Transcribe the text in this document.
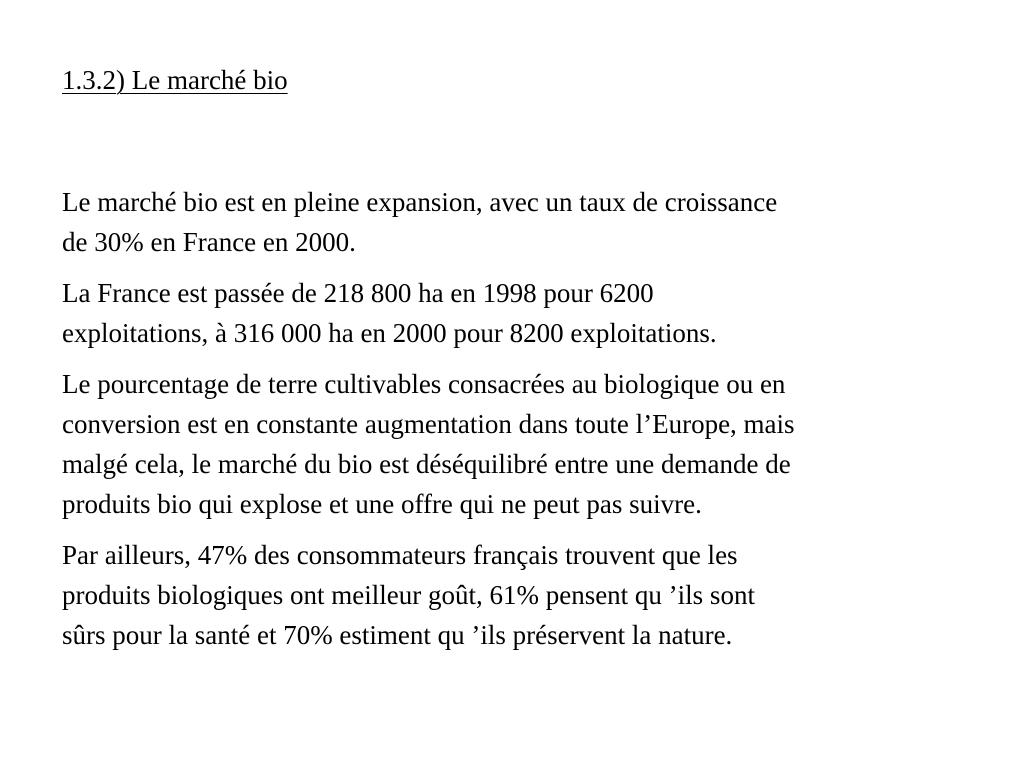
1.3.2) Le marché bio

Le marché bio est en pleine expansion, avec un taux de croissance
de 30% en France en 2000.

La France est passée de 218 800 ha en 1998 pour 6200
exploitations, à 316 000 ha en 2000 pour 8200 exploitations.

Le pourcentage de terre cultivables consacrées au biologique ou en
conversion est en constante augmentation dans toute l’Europe, mais
malgé cela, le marché du bio est déséquilibré entre une demande de
produits bio qui explose et une offre qui ne peut pas suivre.

Par ailleurs, 47% des consommateurs français trouvent que les
produits biologiques ont meilleur goût, 61% pensent qu ’ils sont
sûrs pour la santé et 70% estiment qu ’ils préservent la nature.
